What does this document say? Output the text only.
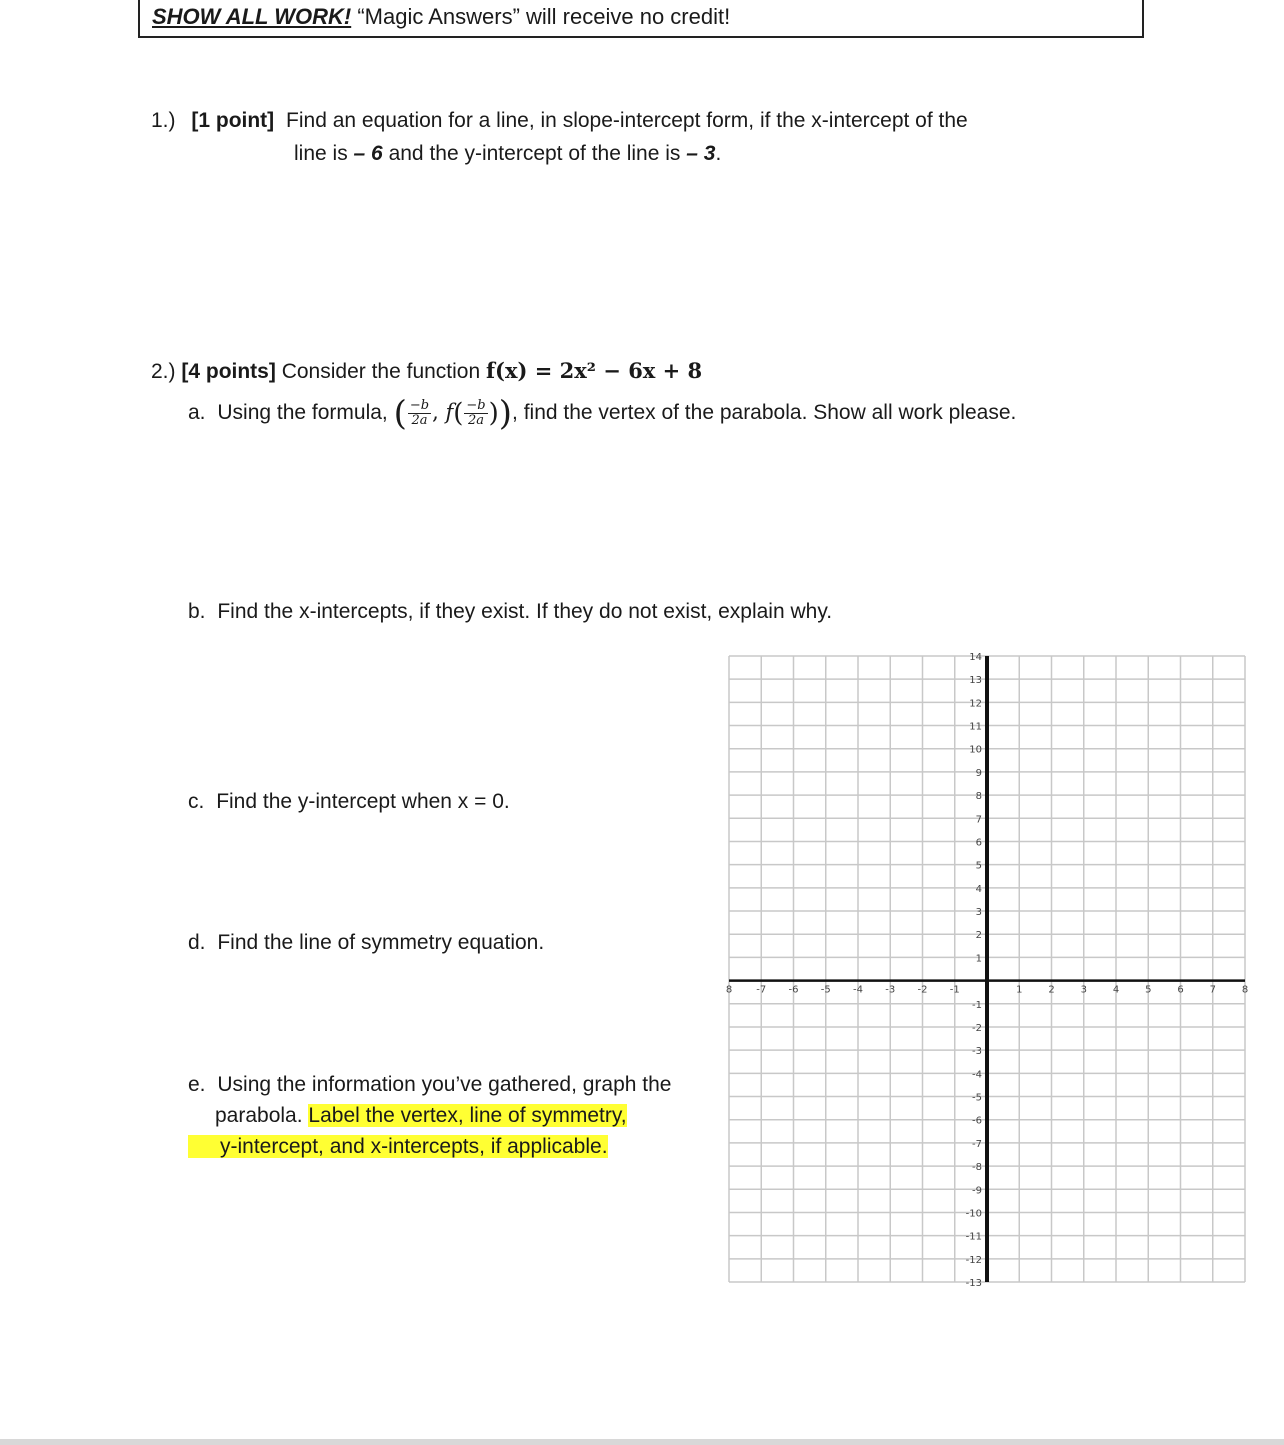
SHOW ALL WORK! “Magic Answers” will receive no credit!
1.) [1 point] Find an equation for a line, in slope-intercept form, if the x-intercept of the
line is – 6 and the y-intercept of the line is – 3.
2.) [4 points] Consider the function f(x) = 2x² − 6x + 8
a. Using the formula, ( $\frac{-b}{2a}$ , $f( \frac{-b}{2a}$ )), find the vertex of the parabola. Show all work please.
b. Find the x-intercepts, if they exist. If they do not exist, explain why.
c. Find the y-intercept when x = 0.
d. Find the line of symmetry equation.
e. Using the information you’ve gathered, graph the
parabola. Label the vertex, line of symmetry,
y-intercept, and x-intercepts, if applicable.
8 -7 -6 -5 -4 -3 -2 -1	1	2	3	4	5	6	7	8
14
13
12
11
10
9
8
7
6
5
4
3
2
1
-1
-2
-3
-4
-5
-6
-7
-8
-9
-10
-11
-12
-13
